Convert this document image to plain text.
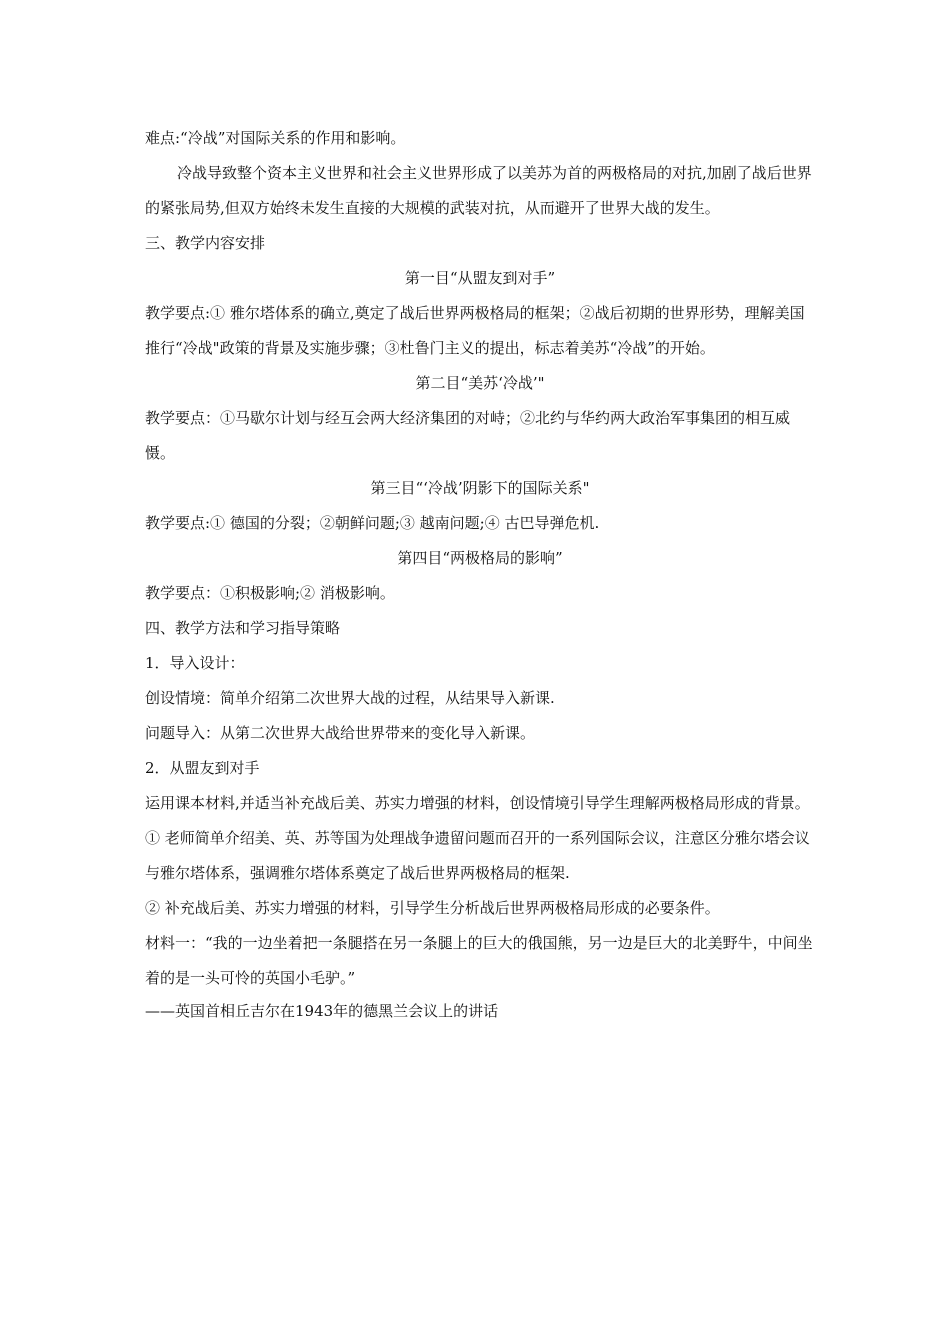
难点:“冷战”对国际关系的作用和影响。

冷战导致整个资本主义世界和社会主义世界形成了以美苏为首的两极格局的对抗,加剧了战后世界的紧张局势,但双方始终未发生直接的大规模的武装对抗，从而避开了世界大战的发生。

三、教学内容安排

第一目“从盟友到对手”

教学要点:① 雅尔塔体系的确立,奠定了战后世界两极格局的框架；②战后初期的世界形势，理解美国推行“冷战"政策的背景及实施步骤；③杜鲁门主义的提出，标志着美苏“冷战”的开始。

第二目“美苏‘冷战’"

教学要点：①马歇尔计划与经互会两大经济集团的对峙；②北约与华约两大政治军事集团的相互威慑。

第三目“‘冷战’阴影下的国际关系"

教学要点:① 德国的分裂；②朝鲜问题;③ 越南问题;④ 古巴导弹危机.

第四目“两极格局的影响”

教学要点：①积极影响;② 消极影响。

四、教学方法和学习指导策略

1．导入设计：

创设情境：简单介绍第二次世界大战的过程，从结果导入新课.

问题导入：从第二次世界大战给世界带来的变化导入新课。

2．从盟友到对手

运用课本材料,并适当补充战后美、苏实力增强的材料，创设情境引导学生理解两极格局形成的背景。

① 老师简单介绍美、英、苏等国为处理战争遗留问题而召开的一系列国际会议，注意区分雅尔塔会议与雅尔塔体系，强调雅尔塔体系奠定了战后世界两极格局的框架.

② 补充战后美、苏实力增强的材料，引导学生分析战后世界两极格局形成的必要条件。

材料一：“我的一边坐着把一条腿搭在另一条腿上的巨大的俄国熊，另一边是巨大的北美野牛，中间坐着的是一头可怜的英国小毛驴。”

——英国首相丘吉尔在1943年的德黑兰会议上的讲话
